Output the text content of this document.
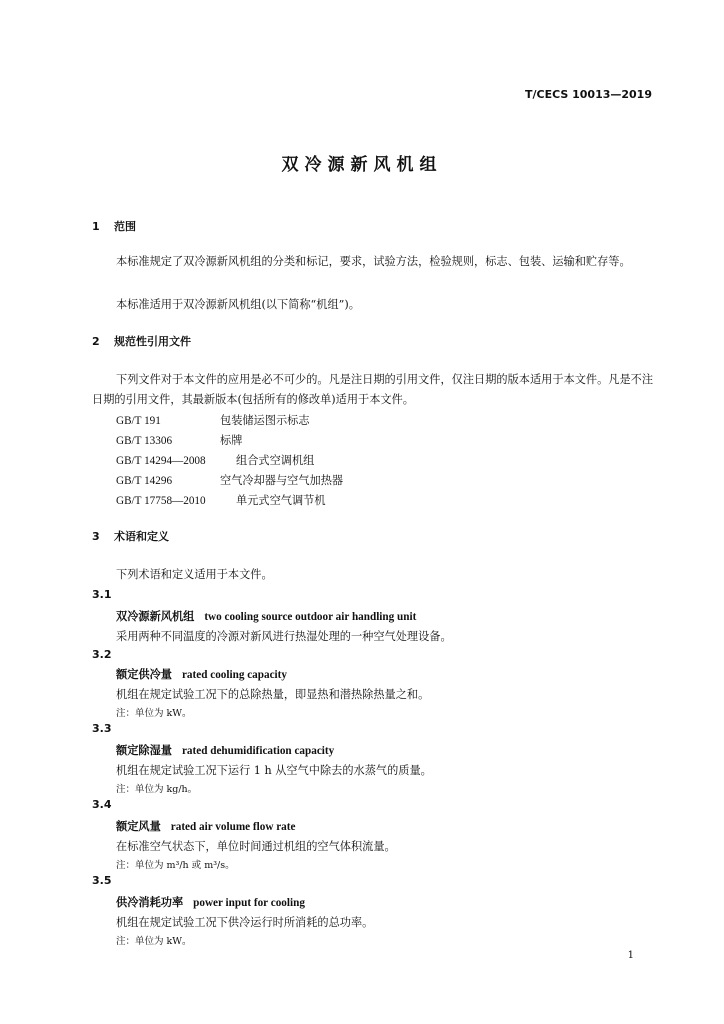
T/CECS 10013—2019
双冷源新风机组
1 范围
本标准规定了双冷源新风机组的分类和标记，要求，试验方法，检验规则，标志、包装、运输和贮存等。
本标准适用于双冷源新风机组(以下简称“机组”)。
2 规范性引用文件
下列文件对于本文件的应用是必不可少的。凡是注日期的引用文件，仅注日期的版本适用于本文件。凡是不注日期的引用文件，其最新版本(包括所有的修改单)适用于本文件。
GB/T 191	包装储运图示标志
GB/T 13306	标牌
GB/T 14294—2008	组合式空调机组
GB/T 14296	空气冷却器与空气加热器
GB/T 17758—2010	单元式空气调节机
3 术语和定义
下列术语和定义适用于本文件。
3.1
双冷源新风机组 two cooling source outdoor air handling unit
采用两种不同温度的冷源对新风进行热湿处理的一种空气处理设备。
3.2
额定供冷量 rated cooling capacity
机组在规定试验工况下的总除热量，即显热和潜热除热量之和。
注：单位为 kW。
3.3
额定除湿量 rated dehumidification capacity
机组在规定试验工况下运行 1 h 从空气中除去的水蒸气的质量。
注：单位为 kg/h。
3.4
额定风量 rated air volume flow rate
在标准空气状态下，单位时间通过机组的空气体积流量。
注：单位为 m³/h 或 m³/s。
3.5
供冷消耗功率 power input for cooling
机组在规定试验工况下供冷运行时所消耗的总功率。
注：单位为 kW。
1
